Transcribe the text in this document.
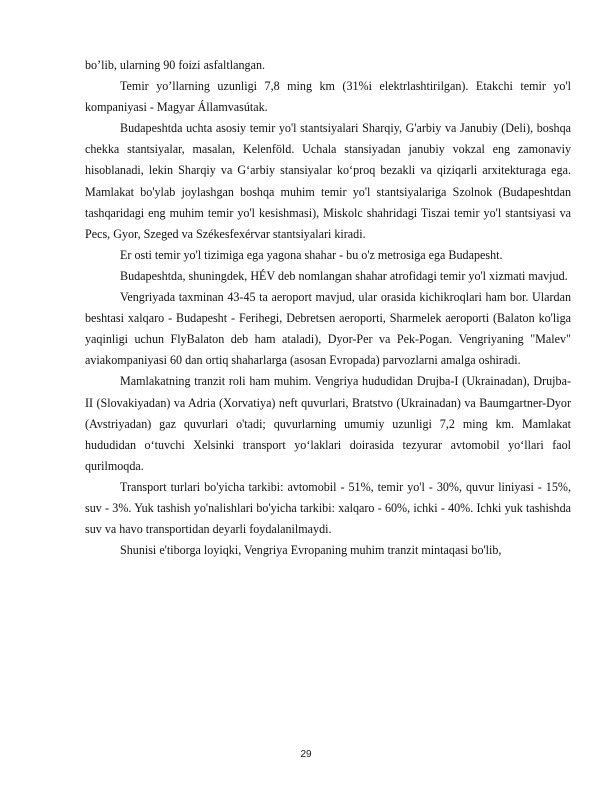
bo’lib, ularning 90 foizi asfaltlangan.

Temir yo’llarning uzunligi 7,8 ming km (31%i elektrlashtirilgan). Etakchi temir yo'l kompaniyasi - Magyar Államvasútak.

Budapeshtda uchta asosiy temir yo'l stantsiyalari Sharqiy, G'arbiy va Janubiy (Deli), boshqa chekka stantsiyalar, masalan, Kelenföld. Uchala stansiyadan janubiy vokzal eng zamonaviy hisoblanadi, lekin Sharqiy va G‘arbiy stansiyalar ko‘proq bezakli va qiziqarli arxitekturaga ega. Mamlakat bo'ylab joylashgan boshqa muhim temir yo'l stantsiyalariga Szolnok (Budapeshtdan tashqaridagi eng muhim temir yo'l kesishmasi), Miskolc shahridagi Tiszai temir yo'l stantsiyasi va Pecs, Gyor, Szeged va Székesfexérvar stantsiyalari kiradi.

Er osti temir yo'l tizimiga ega yagona shahar - bu o'z metrosiga ega Budapesht.

Budapeshtda, shuningdek, HÉV deb nomlangan shahar atrofidagi temir yo'l xizmati mavjud.

Vengriyada taxminan 43-45 ta aeroport mavjud, ular orasida kichikroqlari ham bor. Ulardan beshtasi xalqaro - Budapesht - Ferihegi, Debretsen aeroporti, Sharmelek aeroporti (Balaton ko'liga yaqinligi uchun FlyBalaton deb ham ataladi), Dyor-Per va Pek-Pogan. Vengriyaning "Malev" aviakompaniyasi 60 dan ortiq shaharlarga (asosan Evropada) parvozlarni amalga oshiradi.

Mamlakatning tranzit roli ham muhim. Vengriya hududidan Drujba-I (Ukrainadan), Drujba-II (Slovakiyadan) va Adria (Xorvatiya) neft quvurlari, Bratstvo (Ukrainadan) va Baumgartner-Dyor (Avstriyadan) gaz quvurlari o'tadi; quvurlarning umumiy uzunligi 7,2 ming km. Mamlakat hududidan o‘tuvchi Xelsinki transport yo‘laklari doirasida tezyurar avtomobil yo‘llari faol qurilmoqda.

Transport turlari bo'yicha tarkibi: avtomobil - 51%, temir yo'l - 30%, quvur liniyasi - 15%, suv - 3%. Yuk tashish yo'nalishlari bo'yicha tarkibi: xalqaro - 60%, ichki - 40%. Ichki yuk tashishda suv va havo transportidan deyarli foydalanilmaydi.

Shunisi e'tiborga loyiqki, Vengriya Evropaning muhim tranzit mintaqasi bo'lib,

29
